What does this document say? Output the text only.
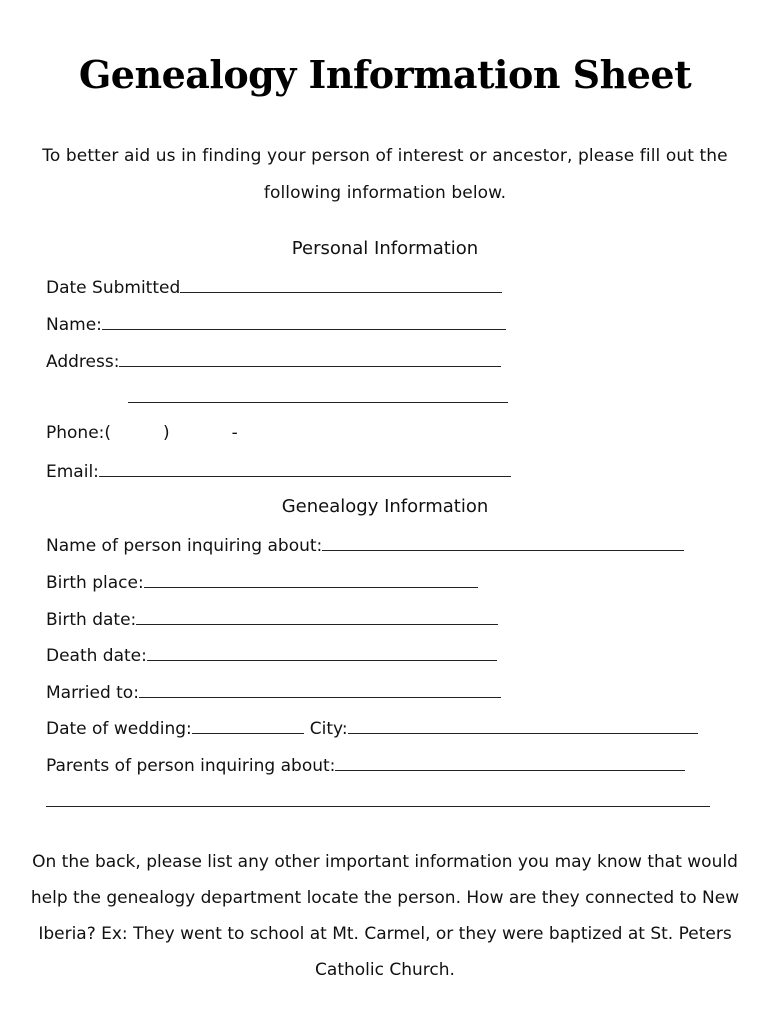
Genealogy Information Sheet
To better aid us in finding your person of interest or ancestor, please fill out the following information below.
Personal Information
Date Submitted
Name:
Address:
Phone:(	)	-
Email:
Genealogy Information
Name of person inquiring about:
Birth place:
Birth date:
Death date:
Married to:
Date of wedding:	City:
Parents of person inquiring about:
On the back, please list any other important information you may know that would help the genealogy department locate the person. How are they connected to New Iberia? Ex: They went to school at Mt. Carmel, or they were baptized at St. Peters Catholic Church.
